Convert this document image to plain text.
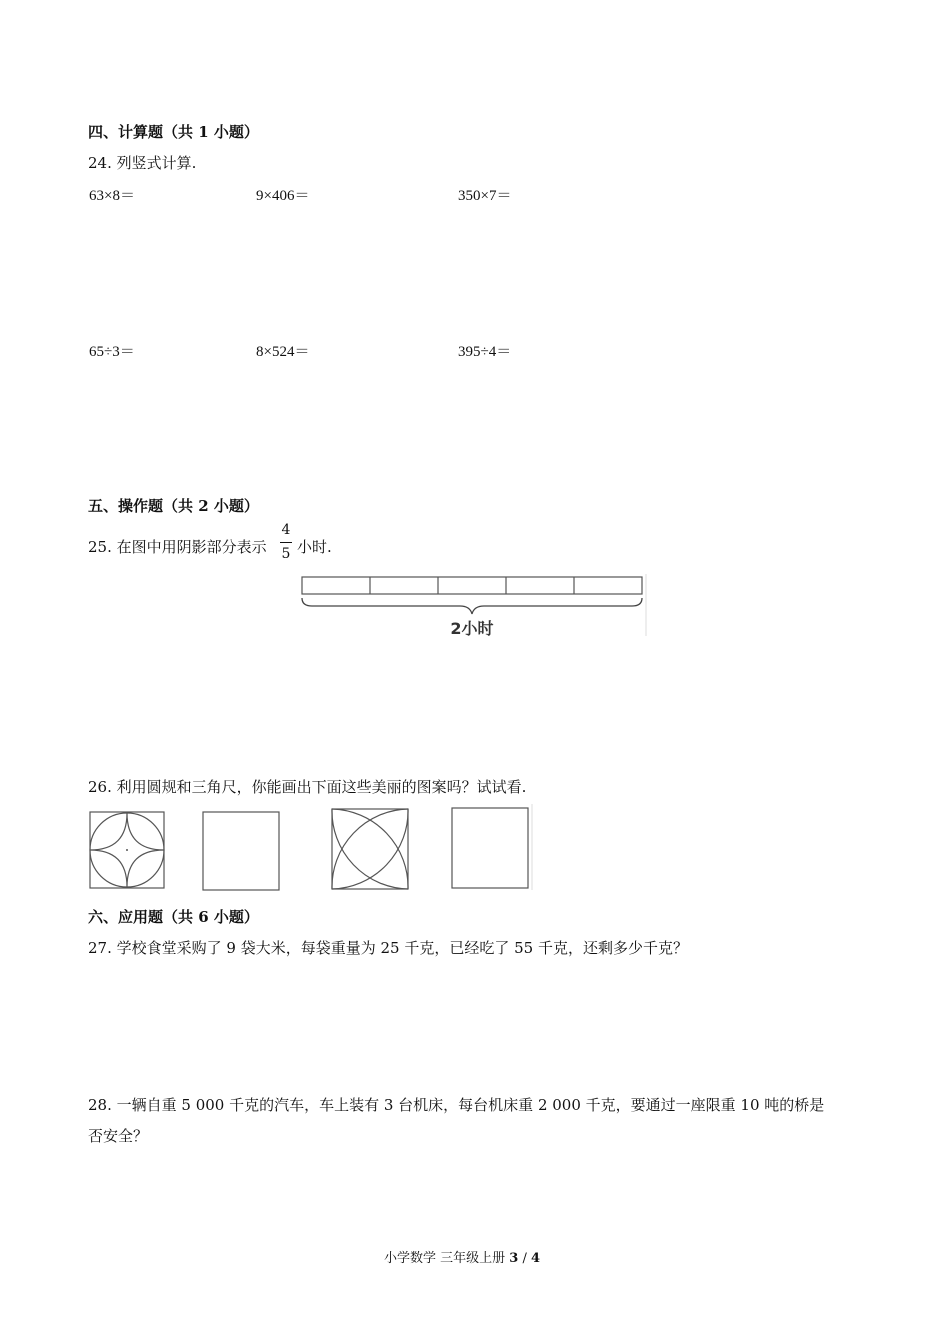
四、计算题（共 1 小题）
24. 列竖式计算.
63×8＝	9×406＝	350×7＝
65÷3＝	8×524＝	395÷4＝
五、操作题（共 2 小题）
25. 在图中用阴影部分表示
4
5 小时.
2小时
26. 利用圆规和三角尺，你能画出下面这些美丽的图案吗？试试看.
六、应用题（共 6 小题）
27. 学校食堂采购了 9 袋大米，每袋重量为 25 千克，已经吃了 55 千克，还剩多少千克？
28. 一辆自重 5 000 千克的汽车，车上装有 3 台机床，每台机床重 2 000 千克，要通过一座限重 10 吨的桥是
否安全？
小学数学 三年级上册 3 / 4
